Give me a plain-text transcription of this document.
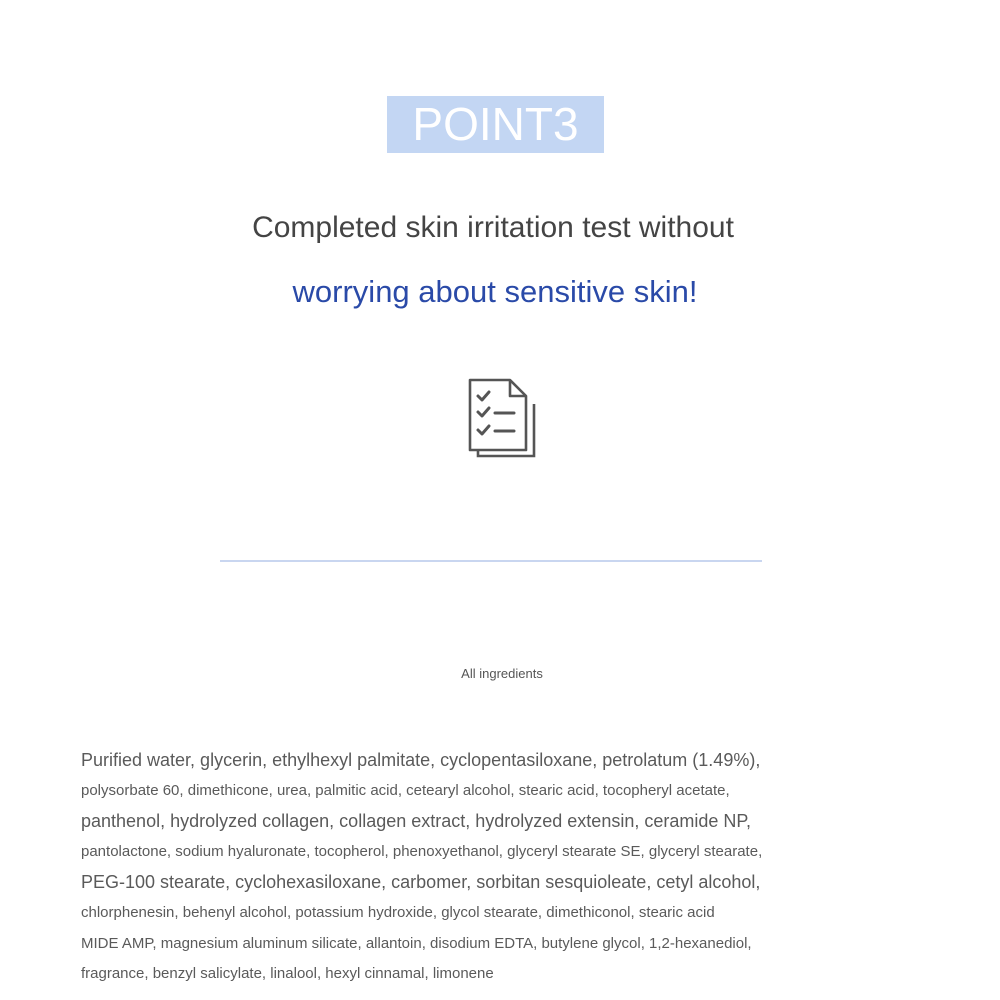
POINT3
Completed skin irritation test without
worrying about sensitive skin!
All ingredients
Purified water, glycerin, ethylhexyl palmitate, cyclopentasiloxane, petrolatum (1.49%),
polysorbate 60, dimethicone, urea, palmitic acid, cetearyl alcohol, stearic acid, tocopheryl acetate,
panthenol, hydrolyzed collagen, collagen extract, hydrolyzed extensin, ceramide NP,
pantolactone, sodium hyaluronate, tocopherol, phenoxyethanol, glyceryl stearate SE, glyceryl stearate,
PEG-100 stearate, cyclohexasiloxane, carbomer, sorbitan sesquioleate, cetyl alcohol,
chlorphenesin, behenyl alcohol, potassium hydroxide, glycol stearate, dimethiconol, stearic acid
MIDE AMP, magnesium aluminum silicate, allantoin, disodium EDTA, butylene glycol, 1,2-hexanediol,
fragrance, benzyl salicylate, linalool, hexyl cinnamal, limonene
